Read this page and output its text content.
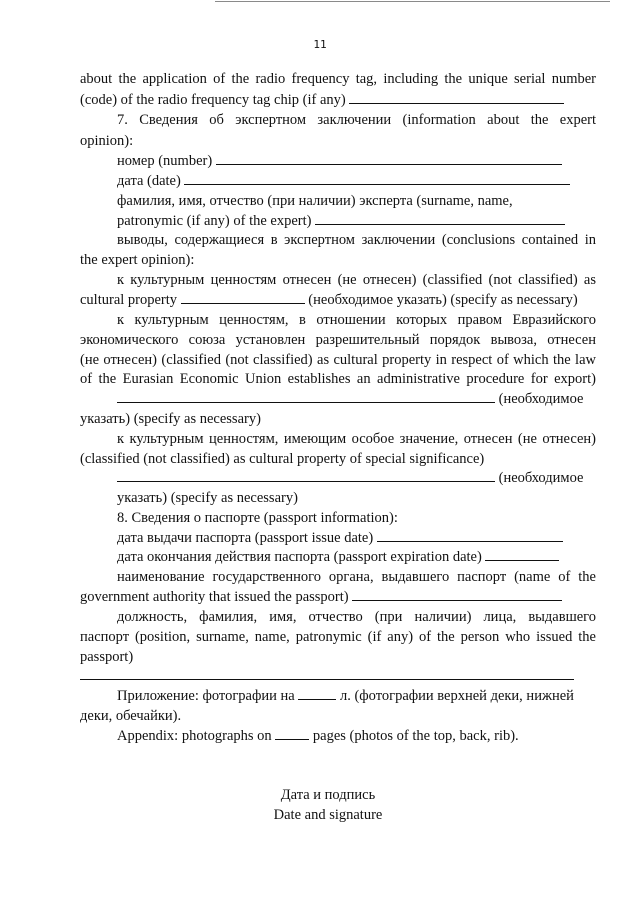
11
about the application of the radio frequency tag, including the unique serial number
(code) of the radio frequency tag chip (if any)
7. Сведения об экспертном заключении (information about the expert
opinion):
номер (number)
дата (date)
фамилия, имя, отчество (при наличии) эксперта (surname, name,
patronymic (if any) of the expert)
выводы, содержащиеся в экспертном заключении (conclusions contained in
the expert opinion):
к культурным ценностям отнесен (не отнесен) (classified (not classified) as
cultural property	(необходимое указать) (specify as necessary)
к культурным ценностям, в отношении которых правом Евразийского
экономического союза установлен разрешительный порядок вывоза, отнесен
(не отнесен) (classified (not classified) as cultural property in respect of which the law
of the Eurasian Economic Union establishes an administrative procedure for export)
(необходимое
указать) (specify as necessary)
к культурным ценностям, имеющим особое значение, отнесен (не отнесен)
(classified (not classified) as cultural property of special significance)
(необходимое
указать) (specify as necessary)
8. Сведения о паспорте (passport information):
дата выдачи паспорта (passport issue date)
дата окончания действия паспорта (passport expiration date)
наименование государственного органа, выдавшего паспорт (name of the
government authority that issued the passport)
должность, фамилия, имя, отчество (при наличии) лица, выдавшего
паспорт (position, surname, name, patronymic (if any) of the person who issued the
passport)
Приложение: фотографии на	л. (фотографии верхней деки, нижней
деки, обечайки).
Appendix: photographs on	pages (photos of the top, back, rib).
Дата и подпись
Date and signature
